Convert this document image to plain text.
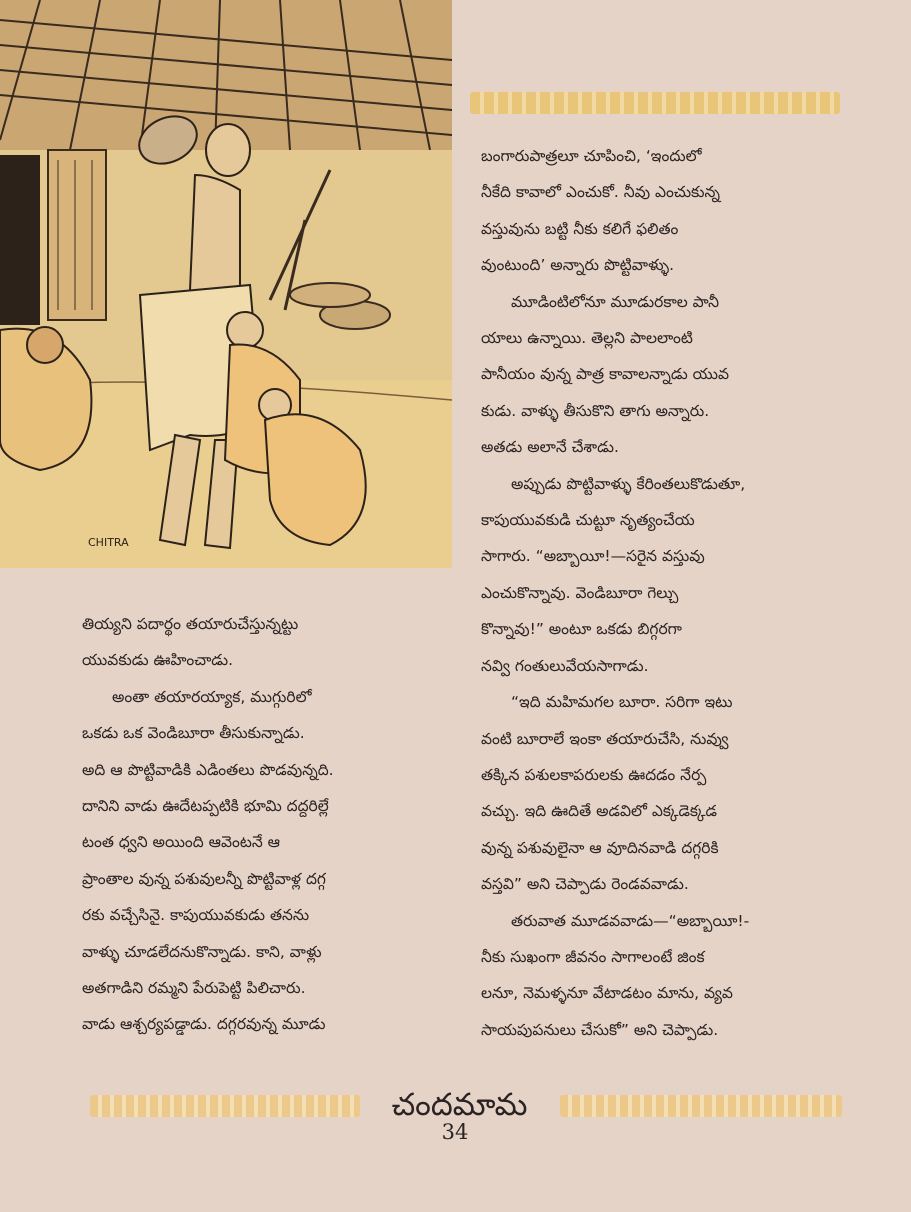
CHITRA

బంగారుపాత్రలూ చూపించి, ‘ఇందులో
నీకేది కావాలో ఎంచుకో. నీవు ఎంచుకున్న
వస్తువును బట్టి నీకు కలిగే ఫలితం
వుంటుంది’ అన్నారు పొట్టివాళ్ళు.

మూడింటిలోనూ మూడురకాల పానీ
యాలు ఉన్నాయి. తెల్లని పాలలాంటి
పానీయం వున్న పాత్ర కావాలన్నాడు యువ
కుడు. వాళ్ళు తీసుకొని తాగు అన్నారు.
అతడు అలానే చేశాడు.

అప్పుడు పొట్టివాళ్ళు కేరింతలుకొడుతూ,
కాపుయువకుడి చుట్టూ నృత్యంచేయ
సాగారు. “అబ్బాయీ!—సరైన వస్తువు
ఎంచుకొన్నావు. వెండిబూరా గెల్చు
కొన్నావు!” అంటూ ఒకడు బిగ్గరగా
నవ్వి గంతులువేయసాగాడు.

“ఇది మహిమగల బూరా. సరిగా ఇటు
వంటి బూరాలే ఇంకా తయారుచేసి, నువ్వు
తక్కిన పశులకాపరులకు ఊదడం నేర్ప
వచ్చు. ఇది ఊదితే అడవిలో ఎక్కడెక్కడ
వున్న పశువులైనా ఆ వూదినవాడి దగ్గరికి
వస్తవి” అని చెప్పాడు రెండవవాడు.

తరువాత మూడవవాడు—“అబ్బాయీ!-
నీకు సుఖంగా జీవనం సాగాలంటే జింక
లనూ, నెమళ్ళనూ వేటాడటం మాను, వ్యవ
సాయపుపనులు చేసుకో” అని చెప్పాడు.

తియ్యని పదార్థం తయారుచేస్తున్నట్టు
యువకుడు ఊహించాడు.

అంతా తయారయ్యాక, ముగ్గురిలో
ఒకడు ఒక వెండిబూరా తీసుకున్నాడు.
అది ఆ పొట్టివాడికి ఎడింతలు పొడవున్నది.
దానిని వాడు ఊదేటప్పటికి భూమి దద్దరిల్లే
టంత ధ్వని అయింది ఆవెంటనే ఆ
ప్రాంతాల వున్న పశువులన్నీ పొట్టివాళ్ల దగ్గ
రకు వచ్చేసినై. కాపుయువకుడు తనను
వాళ్ళు చూడలేదనుకొన్నాడు. కాని, వాళ్లు
అతగాడిని రమ్మని పేరుపెట్టి పిలిచారు.
వాడు ఆశ్చర్యపడ్డాడు. దగ్గరవున్న మూడు

చందమామ
34
